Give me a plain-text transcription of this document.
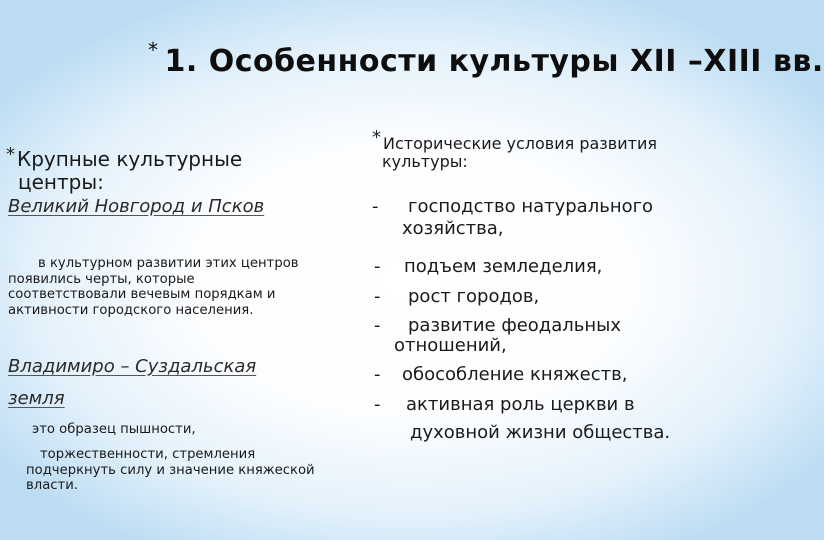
* 1. Особенности культуры XII –XIII вв.
* Крупные культурные
центры:
Великий Новгород и Псков
в культурном развитии этих центров
появились черты, которые
соответствовали вечевым порядкам и
активности городского населения.
Владимиро – Суздальская
земля
это образец пышности,
торжественности, стремления
подчеркнуть силу и значение княжеской
власти.
* Исторические условия развития
культуры:
- господство натурального
хозяйства,
- подъем земледелия,
- рост городов,
- развитие феодальных
отношений,
- обособление княжеств,
- активная роль церкви в
духовной жизни общества.
